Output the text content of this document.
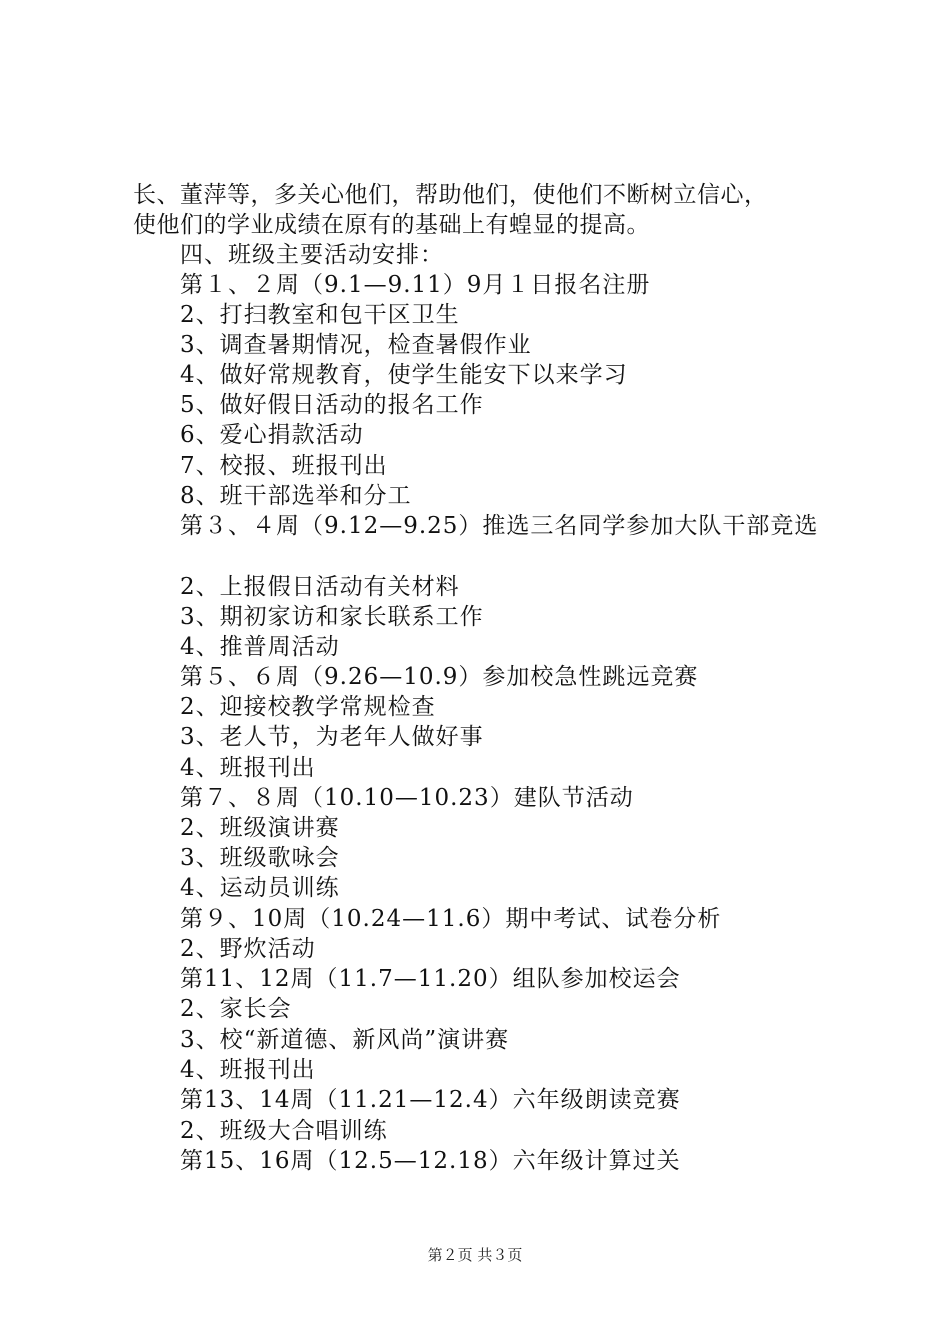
长、董萍等，多关心他们，帮助他们，使他们不断树立信心，
使他们的学业成绩在原有的基础上有蝗显的提高。
四、班级主要活动安排：
第１、２周（9.1—9.11）9月１日报名注册
2、打扫教室和包干区卫生
3、调查暑期情况，检查暑假作业
4、做好常规教育，使学生能安下以来学习
5、做好假日活动的报名工作
6、爱心捐款活动
7、校报、班报刊出
8、班干部选举和分工
第３、４周（9.12—9.25）推选三名同学参加大队干部竞选
2、上报假日活动有关材料
3、期初家访和家长联系工作
4、推普周活动
第５、６周（9.26—10.9）参加校急性跳远竞赛
2、迎接校教学常规检查
3、老人节，为老年人做好事
4、班报刊出
第７、８周（10.10—10.23）建队节活动
2、班级演讲赛
3、班级歌咏会
4、运动员训练
第９、10周（10.24—11.6）期中考试、试卷分析
2、野炊活动
第11、12周（11.7—11.20）组队参加校运会
2、家长会
3、校“新道德、新风尚”演讲赛
4、班报刊出
第13、14周（11.21—12.4）六年级朗读竞赛
2、班级大合唱训练
第15、16周（12.5—12.18）六年级计算过关
第２页 共３页
